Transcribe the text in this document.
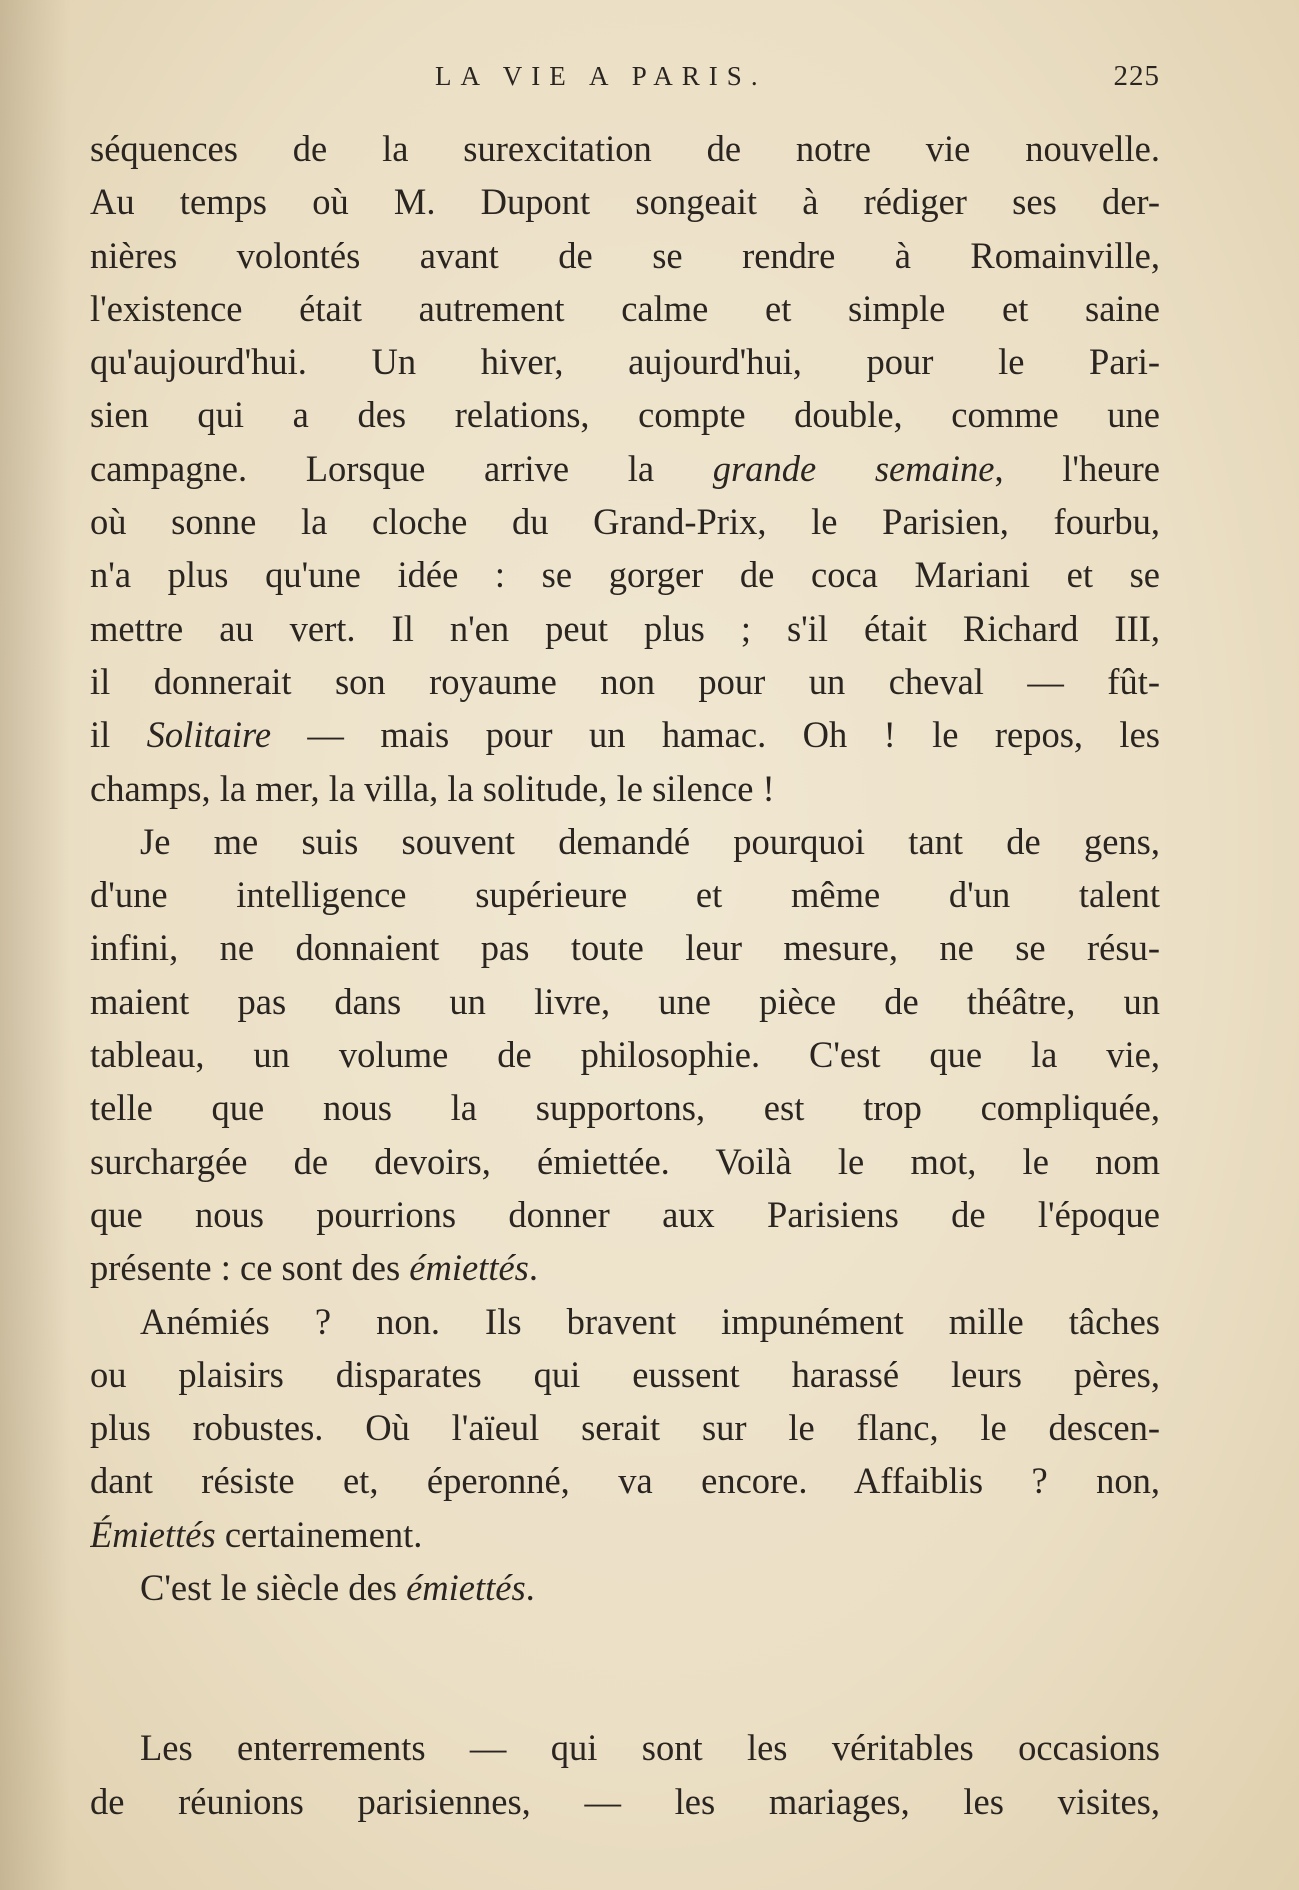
LA VIE A PARIS.	225
séquences de la surexcitation de notre vie nouvelle.
Au temps où M. Dupont songeait à rédiger ses der-
nières volontés avant de se rendre à Romainville,
l'existence était autrement calme et simple et saine
qu'aujourd'hui. Un hiver, aujourd'hui, pour le Pari-
sien qui a des relations, compte double, comme une
campagne. Lorsque arrive la grande semaine, l'heure
où sonne la cloche du Grand-Prix, le Parisien, fourbu,
n'a plus qu'une idée : se gorger de coca Mariani et se
mettre au vert. Il n'en peut plus ; s'il était Richard III,
il donnerait son royaume non pour un cheval — fût-
il Solitaire — mais pour un hamac. Oh ! le repos, les
champs, la mer, la villa, la solitude, le silence !
Je me suis souvent demandé pourquoi tant de gens,
d'une intelligence supérieure et même d'un talent
infini, ne donnaient pas toute leur mesure, ne se résu-
maient pas dans un livre, une pièce de théâtre, un
tableau, un volume de philosophie. C'est que la vie,
telle que nous la supportons, est trop compliquée,
surchargée de devoirs, émiettée. Voilà le mot, le nom
que nous pourrions donner aux Parisiens de l'époque
présente : ce sont des émiettés.
Anémiés ? non. Ils bravent impunément mille tâches
ou plaisirs disparates qui eussent harassé leurs pères,
plus robustes. Où l'aïeul serait sur le flanc, le descen-
dant résiste et, éperonné, va encore. Affaiblis ? non,
Émiettés certainement.
C'est le siècle des émiettés.
Les enterrements — qui sont les véritables occasions
de réunions parisiennes, — les mariages, les visites,
